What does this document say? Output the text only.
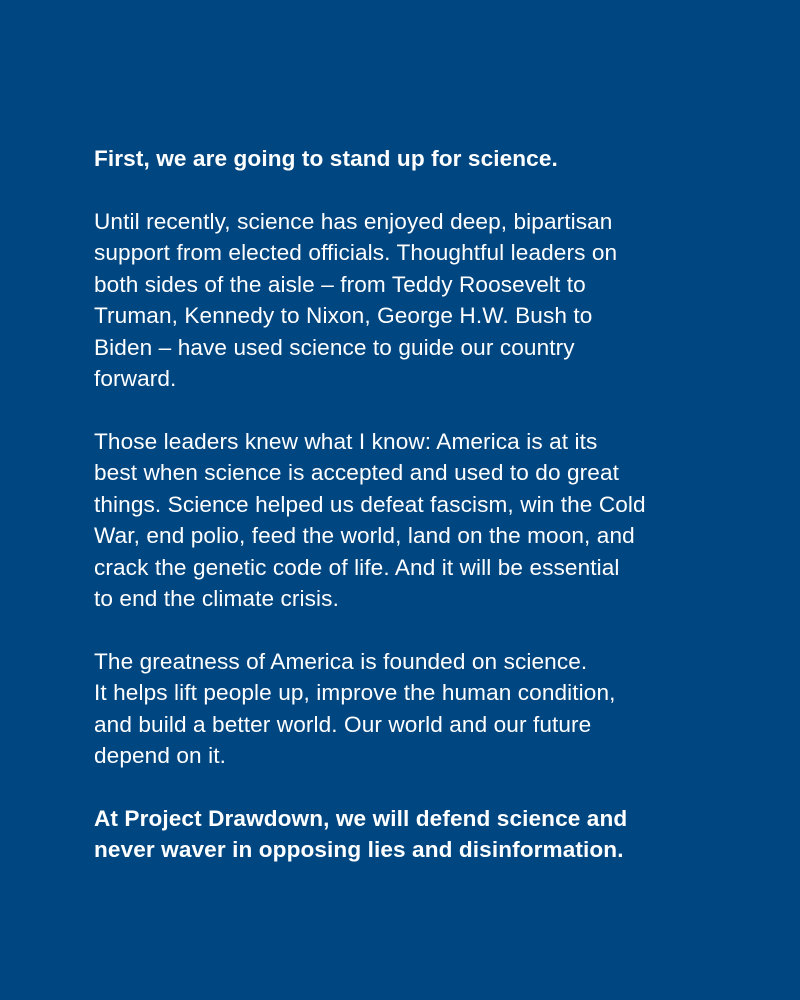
First, we are going to stand up for science.

Until recently, science has enjoyed deep, bipartisan
support from elected officials. Thoughtful leaders on
both sides of the aisle – from Teddy Roosevelt to
Truman, Kennedy to Nixon, George H.W. Bush to
Biden – have used science to guide our country
forward.

Those leaders knew what I know: America is at its
best when science is accepted and used to do great
things. Science helped us defeat fascism, win the Cold
War, end polio, feed the world, land on the moon, and
crack the genetic code of life. And it will be essential
to end the climate crisis.

The greatness of America is founded on science.
It helps lift people up, improve the human condition,
and build a better world. Our world and our future
depend on it.

At Project Drawdown, we will defend science and
never waver in opposing lies and disinformation.
